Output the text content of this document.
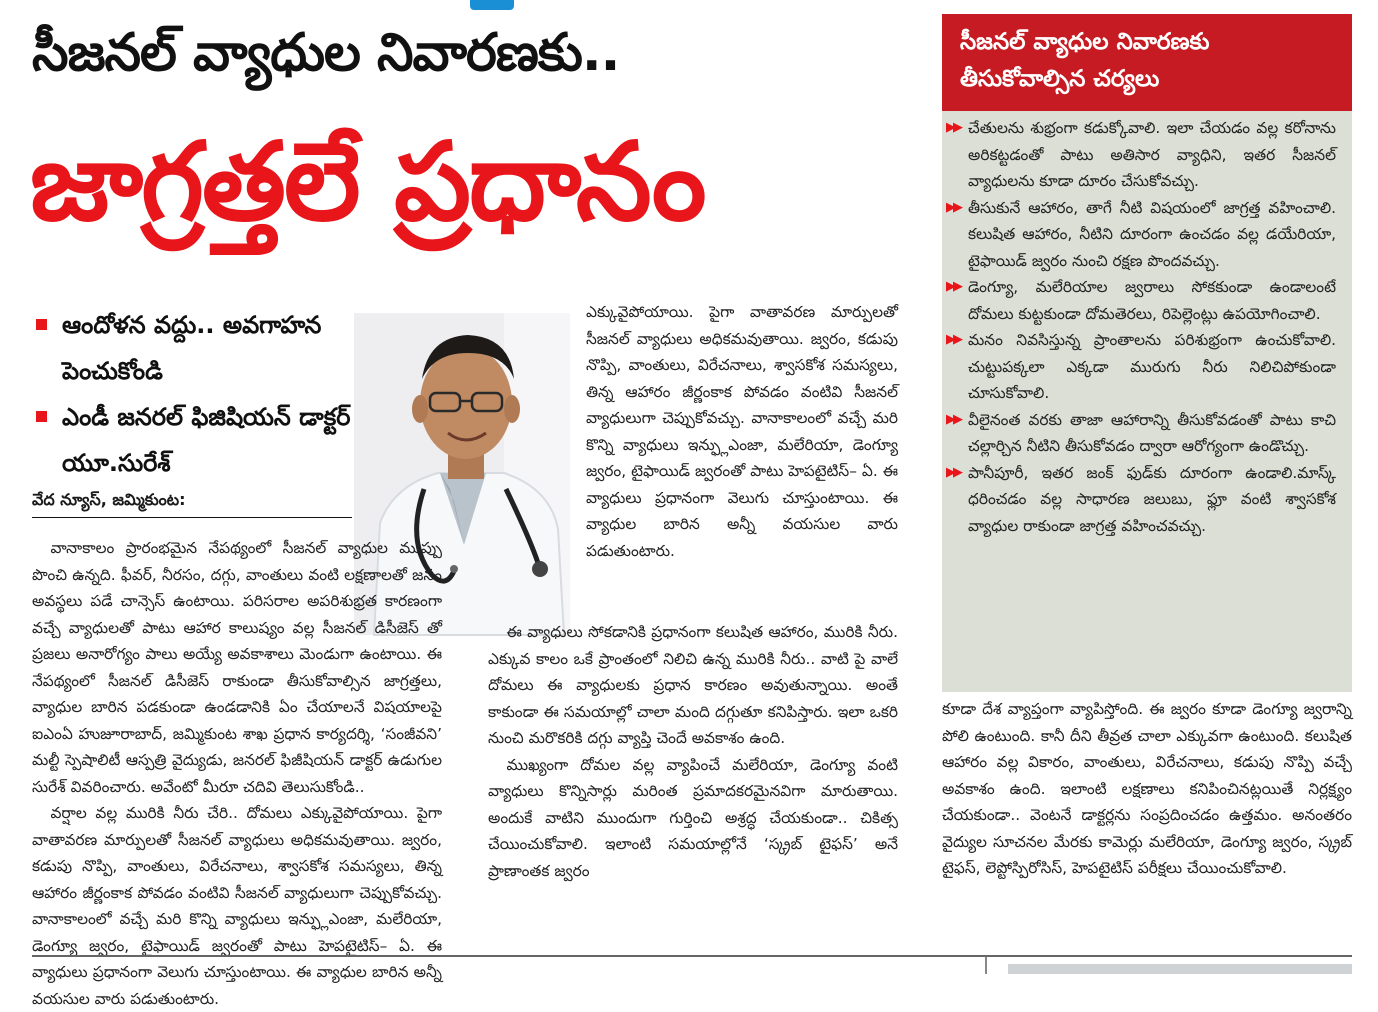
సీజనల్ వ్యాధుల నివారణకు..
జాగ్రత్తలే ప్రధానం
ఆందోళన వద్దు.. అవగాహన పెంచుకోండి
ఎండీ జనరల్ ఫిజిషియన్ డాక్టర్ యూ.సురేశ్
వేద న్యూస్, జమ్మికుంట:

వానాకాలం ప్రారంభమైన నేపథ్యంలో సీజనల్ వ్యాధుల ముప్పు పొంచి ఉన్నది. ఫీవర్, నీరసం, దగ్గు, వాంతులు వంటి లక్షణాలతో జనం అవస్థలు పడే చాన్సెస్ ఉంటాయి. పరిసరాల అపరిశుభ్రత కారణంగా వచ్చే వ్యాధులతో పాటు ఆహార కాలుష్యం వల్ల సీజనల్ డిసీజెస్ తో ప్రజలు అనారోగ్యం పాలు అయ్యే అవకాశాలు మెండుగా ఉంటాయి. ఈ నేపథ్యంలో సీజనల్ డిసీజెస్ రాకుండా తీసుకోవాల్సిన జాగ్రత్తలు, వ్యాధుల బారిన పడకుండా ఉండడానికి ఏం చేయాలనే విషయాలపై ఐఎంఏ హుజూరాబాద్, జమ్మికుంట శాఖ ప్రధాన కార్యదర్శి, ‘సంజీవని’ మల్టీ స్పెషాలిటీ ఆస్పత్రి వైద్యుడు, జనరల్ ఫిజీషియన్ డాక్టర్ ఉడుగుల సురేశ్ వివరించారు. అవేంటో మీరూ చదివి తెలుసుకోండి..

వర్షాల వల్ల మురికి నీరు చేరి.. దోమలు ఎక్కువైపోయాయి. పైగా వాతావరణ మార్పులతో సీజనల్ వ్యాధులు అధికమవుతాయి. జ్వరం, కడుపు నొప్పి, వాంతులు, విరేచనాలు, శ్వాసకోశ సమస్యలు, తిన్న ఆహారం జీర్ణంకాక పోవడం వంటివి సీజనల్ వ్యాధులుగా చెప్పుకోవచ్చు. వానాకాలంలో వచ్చే మరి కొన్ని వ్యాధులు ఇన్ఫ్లుఎంజా, మలేరియా, డెంగ్యూ జ్వరం, టైఫాయిడ్ జ్వరంతో పాటు హెపటైటిస్– ఏ. ఈ వ్యాధులు ప్రధానంగా వెలుగు చూస్తుంటాయి. ఈ వ్యాధుల బారిన అన్నీ వయసుల వారు పడుతుంటారు.

ఎక్కువైపోయాయి. పైగా వాతావరణ మార్పులతో సీజనల్ వ్యాధులు అధికమవుతాయి. జ్వరం, కడుపు నొప్పి, వాంతులు, విరేచనాలు, శ్వాసకోశ సమస్యలు, తిన్న ఆహారం జీర్ణంకాక పోవడం వంటివి సీజనల్ వ్యాధులుగా చెప్పుకోవచ్చు. వానాకాలంలో వచ్చే మరి కొన్ని వ్యాధులు ఇన్ఫ్లుఎంజా, మలేరియా, డెంగ్యూ జ్వరం, టైఫాయిడ్ జ్వరంతో పాటు హెపటైటిస్– ఏ. ఈ వ్యాధులు ప్రధానంగా వెలుగు చూస్తుంటాయి. ఈ వ్యాధుల బారిన అన్నీ వయసుల వారు పడుతుంటారు.

ఈ వ్యాధులు సోకడానికి ప్రధానంగా కలుషిత ఆహారం, మురికి నీరు. ఎక్కువ కాలం ఒకే ప్రాంతంలో నిలిచి ఉన్న మురికి నీరు.. వాటి పై వాలే దోమలు ఈ వ్యాధులకు ప్రధాన కారణం అవుతున్నాయి. అంతే కాకుండా ఈ సమయాల్లో చాలా మంది దగ్గుతూ కనిపిస్తారు. ఇలా ఒకరి నుంచి మరొకరికి దగ్గు వ్యాప్తి చెందే అవకాశం ఉంది.

ముఖ్యంగా దోమల వల్ల వ్యాపించే మలేరియా, డెంగ్యూ వంటి వ్యాధులు కొన్నిసార్లు మరింత ప్రమాదకరమైనవిగా మారుతాయి. అందుకే వాటిని ముందుగా గుర్తించి అశ్రద్ధ చేయకుండా.. చికిత్స చేయించుకోవాలి. ఇలాంటి సమయాల్లోనే ‘స్క్రబ్ టైఫస్’ అనే ప్రాణాంతక జ్వరం

సీజనల్ వ్యాధుల నివారణకు తీసుకోవాల్సిన చర్యలు
▶▶ చేతులను శుభ్రంగా కడుక్కోవాలి. ఇలా చేయడం వల్ల కరోనాను అరికట్టడంతో పాటు అతిసార వ్యాధిని, ఇతర సీజనల్ వ్యాధులను కూడా దూరం చేసుకోవచ్చు.
▶▶ తీసుకునే ఆహారం, తాగే నీటి విషయంలో జాగ్రత్త వహించాలి. కలుషిత ఆహారం, నీటిని దూరంగా ఉంచడం వల్ల డయేరియా, టైఫాయిడ్ జ్వరం నుంచి రక్షణ పొందవచ్చు.
▶▶ డెంగ్యూ, మలేరియాల జ్వరాలు సోకకుండా ఉండాలంటే దోమలు కుట్టకుండా దోమతెరలు, రిపెల్లెంట్లు ఉపయోగించాలి.
▶▶ మనం నివసిస్తున్న ప్రాంతాలను పరిశుభ్రంగా ఉంచుకోవాలి. చుట్టుపక్కలా ఎక్కడా మురుగు నీరు నిలిచిపోకుండా చూసుకోవాలి.
▶▶ వీలైనంత వరకు తాజా ఆహారాన్ని తీసుకోవడంతో పాటు కాచి చల్లార్చిన నీటిని తీసుకోవడం ద్వారా ఆరోగ్యంగా ఉండొచ్చు.
▶▶ పానీపూరీ, ఇతర జంక్ ఫుడ్‌కు దూరంగా ఉండాలి.మాస్క్ ధరించడం వల్ల సాధారణ జలుబు, ఫ్లూ వంటి శ్వాసకోశ వ్యాధుల రాకుండా జాగ్రత్త వహించవచ్చు.

కూడా దేశ వ్యాప్తంగా వ్యాపిస్తోంది. ఈ జ్వరం కూడా డెంగ్యూ జ్వరాన్ని పోలి ఉంటుంది. కానీ దీని తీవ్రత చాలా ఎక్కువగా ఉంటుంది. కలుషిత ఆహారం వల్ల వికారం, వాంతులు, విరేచనాలు, కడుపు నొప్పి వచ్చే అవకాశం ఉంది. ఇలాంటి లక్షణాలు కనిపించినట్లయితే నిర్లక్ష్యం చేయకుండా.. వెంటనే డాక్టర్లను సంప్రదించడం ఉత్తమం. అనంతరం వైద్యుల సూచనల మేరకు కామెర్లు మలేరియా, డెంగ్యూ జ్వరం, స్క్రబ్ టైఫస్, లెప్టోస్పిరోసిస్, హెపటైటిస్ పరీక్షలు చేయించుకోవాలి.
